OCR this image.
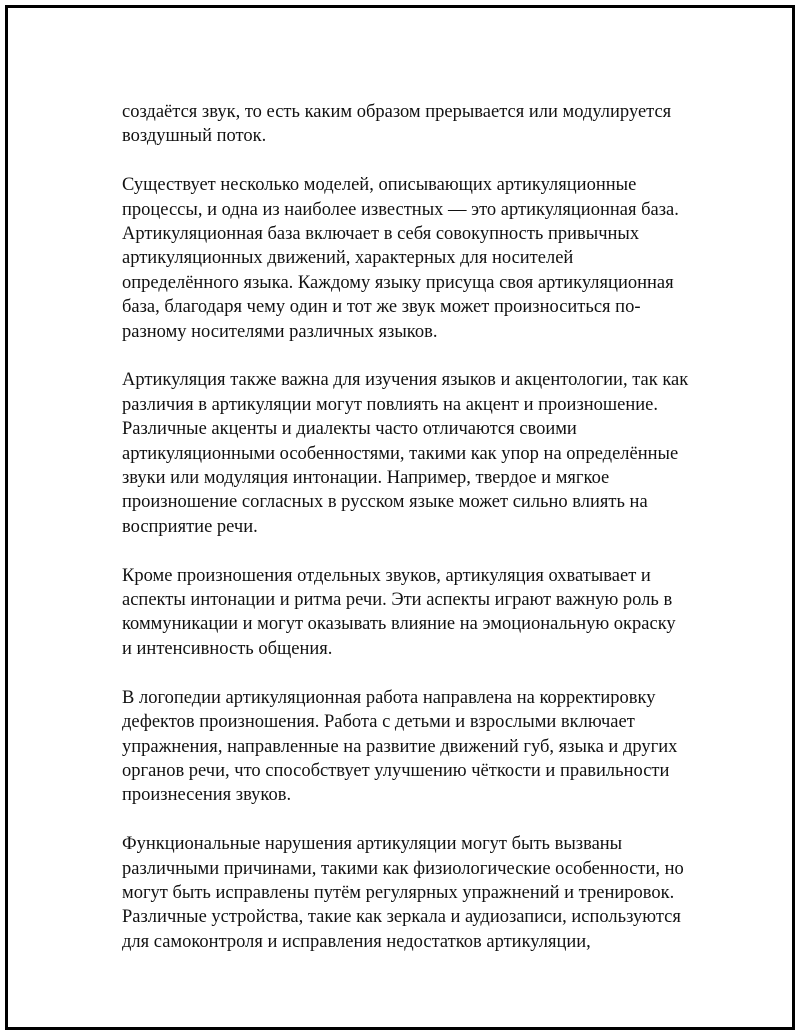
создаётся звук, то есть каким образом прерывается или модулируется
воздушный поток.

Существует несколько моделей, описывающих артикуляционные
процессы, и одна из наиболее известных — это артикуляционная база.
Артикуляционная база включает в себя совокупность привычных
артикуляционных движений, характерных для носителей
определённого языка. Каждому языку присуща своя артикуляционная
база, благодаря чему один и тот же звук может произноситься по-
разному носителями различных языков.

Артикуляция также важна для изучения языков и акцентологии, так как
различия в артикуляции могут повлиять на акцент и произношение.
Различные акценты и диалекты часто отличаются своими
артикуляционными особенностями, такими как упор на определённые
звуки или модуляция интонации. Например, твердое и мягкое
произношение согласных в русском языке может сильно влиять на
восприятие речи.

Кроме произношения отдельных звуков, артикуляция охватывает и
аспекты интонации и ритма речи. Эти аспекты играют важную роль в
коммуникации и могут оказывать влияние на эмоциональную окраску
и интенсивность общения.

В логопедии артикуляционная работа направлена на корректировку
дефектов произношения. Работа с детьми и взрослыми включает
упражнения, направленные на развитие движений губ, языка и других
органов речи, что способствует улучшению чёткости и правильности
произнесения звуков.

Функциональные нарушения артикуляции могут быть вызваны
различными причинами, такими как физиологические особенности, но
могут быть исправлены путём регулярных упражнений и тренировок.
Различные устройства, такие как зеркала и аудиозаписи, используются
для самоконтроля и исправления недостатков артикуляции,
